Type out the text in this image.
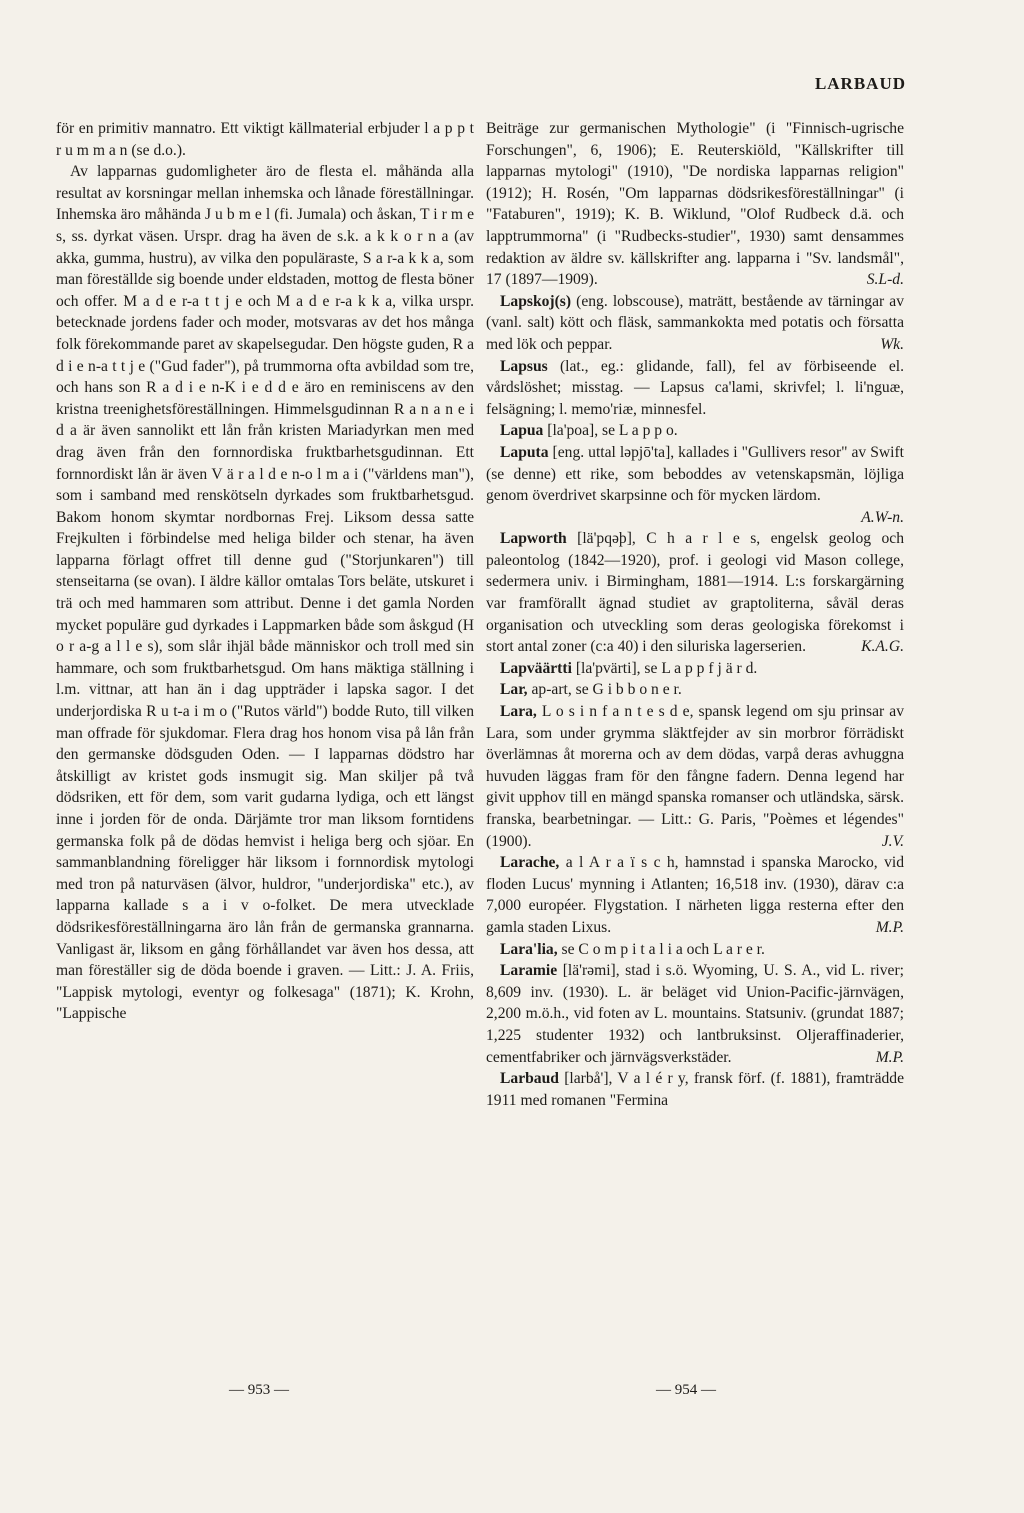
LARBAUD

för en primitiv mannatro. Ett viktigt källmaterial erbjuder l a p p t r u m m a n (se d.o.).

Av lapparnas gudomligheter äro de flesta el. måhända alla resultat av korsningar mellan inhemska och lånade föreställningar. Inhemska äro måhända J u b m e l (fi. Jumala) och åskan, T i r m e s, ss. dyrkat väsen. Urspr. drag ha även de s.k. a k k o r n a (av akka, gumma, hustru), av vilka den populäraste, S a r-a k k a, som man föreställde sig boende under eldstaden, mottog de flesta böner och offer. M a d e r-a t t j e och M a d e r-a k k a, vilka urspr. betecknade jordens fader och moder, motsvaras av det hos många folk förekommande paret av skapelsegudar. Den högste guden, R a d i e n-a t t j e ("Gud fader"), på trummorna ofta avbildad som tre, och hans son R a d i e n-K i e d d e äro en reminiscens av den kristna treenighetsföreställningen. Himmelsgudinnan R a n a n e i d a är även sannolikt ett lån från kristen Mariadyrkan men med drag även från den fornnordiska fruktbarhetsgudinnan. Ett fornnordiskt lån är även V ä r a l d e n-o l m a i ("världens man"), som i samband med renskötseln dyrkades som fruktbarhetsgud. Bakom honom skymtar nordbornas Frej. Liksom dessa satte Frejkulten i förbindelse med heliga bilder och stenar, ha även lapparna förlagt offret till denne gud ("Storjunkaren") till stenseitarna (se ovan). I äldre källor omtalas Tors beläte, utskuret i trä och med hammaren som attribut. Denne i det gamla Norden mycket populäre gud dyrkades i Lappmarken både som åskgud (H o r a-g a l l e s), som slår ihjäl både människor och troll med sin hammare, och som fruktbarhetsgud. Om hans mäktiga ställning i l.m. vittnar, att han än i dag uppträder i lapska sagor. I det underjordiska R u t-a i m o ("Rutos värld") bodde Ruto, till vilken man offrade för sjukdomar. Flera drag hos honom visa på lån från den germanske dödsguden Oden. — I lapparnas dödstro har åtskilligt av kristet gods insmugit sig. Man skiljer på två dödsriken, ett för dem, som varit gudarna lydiga, och ett längst inne i jorden för de onda. Därjämte tror man liksom forntidens germanska folk på de dödas hemvist i heliga berg och sjöar. En sammanblandning föreligger här liksom i fornnordisk mytologi med tron på naturväsen (älvor, huldror, "underjordiska" etc.), av lapparna kallade s a i v o-folket. De mera utvecklade dödsrikesföreställningarna äro lån från de germanska grannarna. Vanligast är, liksom en gång förhållandet var även hos dessa, att man föreställer sig de döda boende i graven. — Litt.: J. A. Friis, "Lappisk mytologi, eventyr og folkesaga" (1871); K. Krohn, "Lappische

Beiträge zur germanischen Mythologie" (i "Finnisch-ugrische Forschungen", 6, 1906); E. Reuterskiöld, "Källskrifter till lapparnas mytologi" (1910), "De nordiska lapparnas religion" (1912); H. Rosén, "Om lapparnas dödsrikesföreställningar" (i "Fataburen", 1919); K. B. Wiklund, "Olof Rudbeck d.ä. och lapptrummorna" (i "Rudbecks-studier", 1930) samt densammes redaktion av äldre sv. källskrifter ang. lapparna i "Sv. landsmål", 17 (1897—1909).	S.L-d.

Lapskoj(s) (eng. lobscouse), maträtt, bestående av tärningar av (vanl. salt) kött och fläsk, sammankokta med potatis och försatta med lök och peppar.	Wk.

Lapsus (lat., eg.: glidande, fall), fel av förbiseende el. vårdslöshet; misstag. — Lapsus ca'lami, skrivfel; l. li'nguæ, felsägning; l. memo'riæ, minnesfel.

Lapua [la'poa], se L a p p o.

Laputa [eng. uttal ləpjō'ta], kallades i "Gullivers resor" av Swift (se denne) ett rike, som beboddes av vetenskapsmän, löjliga genom överdrivet skarpsinne och för mycken lärdom.
A.W-n.

Lapworth [lä'pqəþ], C h a r l e s, engelsk geolog och paleontolog (1842—1920), prof. i geologi vid Mason college, sedermera univ. i Birmingham, 1881—1914. L:s forskargärning var framförallt ägnad studiet av graptoliterna, såväl deras organisation och utveckling som deras geologiska förekomst i stort antal zoner (c:a 40) i den siluriska lagerserien.	K.A.G.

Lapväärtti [la'pvärti], se L a p p f j ä r d.

Lar, ap-art, se G i b b o n e r.

Lara, L o s i n f a n t e s d e, spansk legend om sju prinsar av Lara, som under grymma släktfejder av sin morbror förrädiskt överlämnas åt morerna och av dem dödas, varpå deras avhuggna huvuden läggas fram för den fångne fadern. Denna legend har givit upphov till en mängd spanska romanser och utländska, särsk. franska, bearbetningar. — Litt.: G. Paris, "Poèmes et légendes" (1900).	J.V.

Larache, a l A r a ï s c h, hamnstad i spanska Marocko, vid floden Lucus' mynning i Atlanten; 16,518 inv. (1930), därav c:a 7,000 européer. Flygstation. I närheten ligga resterna efter den gamla staden Lixus.	M.P.

Lara'lia, se C o m p i t a l i a och L a r e r.

Laramie [lä'rəmi], stad i s.ö. Wyoming, U. S. A., vid L. river; 8,609 inv. (1930). L. är beläget vid Union-Pacific-järnvägen, 2,200 m.ö.h., vid foten av L. mountains. Statsuniv. (grundat 1887; 1,225 studenter 1932) och lantbruksinst. Oljeraffinaderier, cementfabriker och järnvägsverkstäder.	M.P.

Larbaud [larbå'], V a l é r y, fransk förf. (f. 1881), framträdde 1911 med romanen "Fermina

— 953 —	— 954 —
